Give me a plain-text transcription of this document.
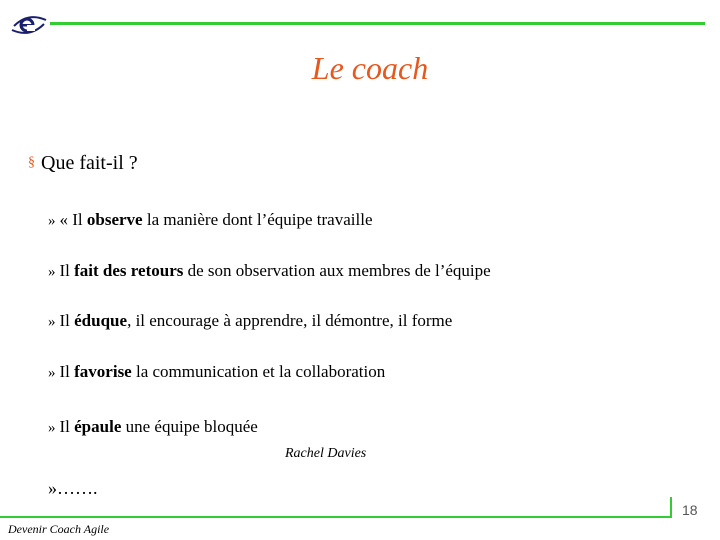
Le coach
§ Que fait-il ?
» « Il observe la manière dont l’équipe travaille
» Il fait des retours de son observation aux membres de l’équipe
» Il éduque, il encourage à apprendre, il démontre, il forme
» Il favorise la communication et la collaboration
» Il épaule une équipe bloquée
Rachel Davies
»…….
18
Devenir Coach Agile
